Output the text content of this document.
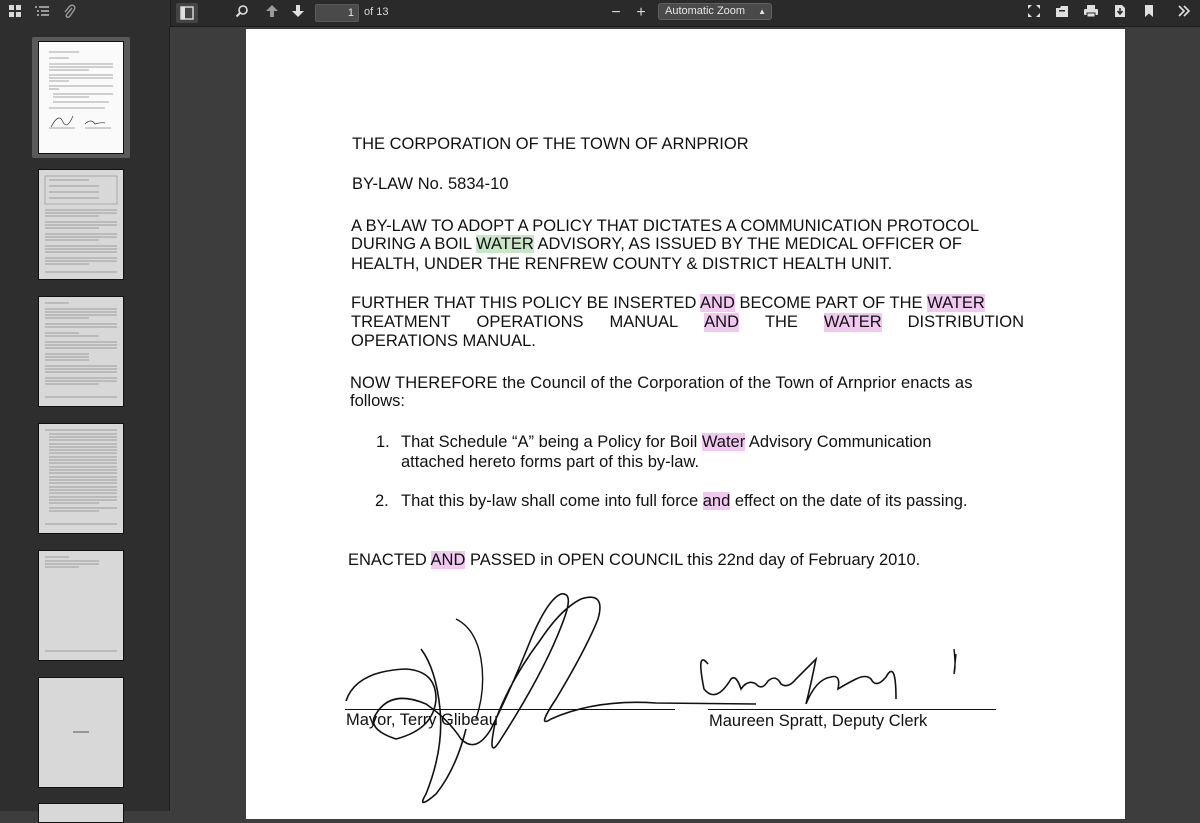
1 of 13	− +	Automatic Zoom ▲

THE CORPORATION OF THE TOWN OF ARNPRIOR
BY-LAW No. 5834-10
A BY-LAW TO ADOPT A POLICY THAT DICTATES A COMMUNICATION PROTOCOL
DURING A BOIL WATER ADVISORY, AS ISSUED BY THE MEDICAL OFFICER OF
HEALTH, UNDER THE RENFREW COUNTY & DISTRICT HEALTH UNIT.
FURTHER THAT THIS POLICY BE INSERTED AND BECOME PART OF THE WATER
TREATMENT OPERATIONS MANUAL AND THE WATER DISTRIBUTION
OPERATIONS MANUAL.
NOW THEREFORE the Council of the Corporation of the Town of Arnprior enacts as
follows:
1. That Schedule “A” being a Policy for Boil Water Advisory Communication
attached hereto forms part of this by-law.
2. That this by-law shall come into full force and effect on the date of its passing.
ENACTED AND PASSED in OPEN COUNCIL this 22nd day of February 2010.
Mayor, Terry Glibeau	Maureen Spratt, Deputy Clerk
